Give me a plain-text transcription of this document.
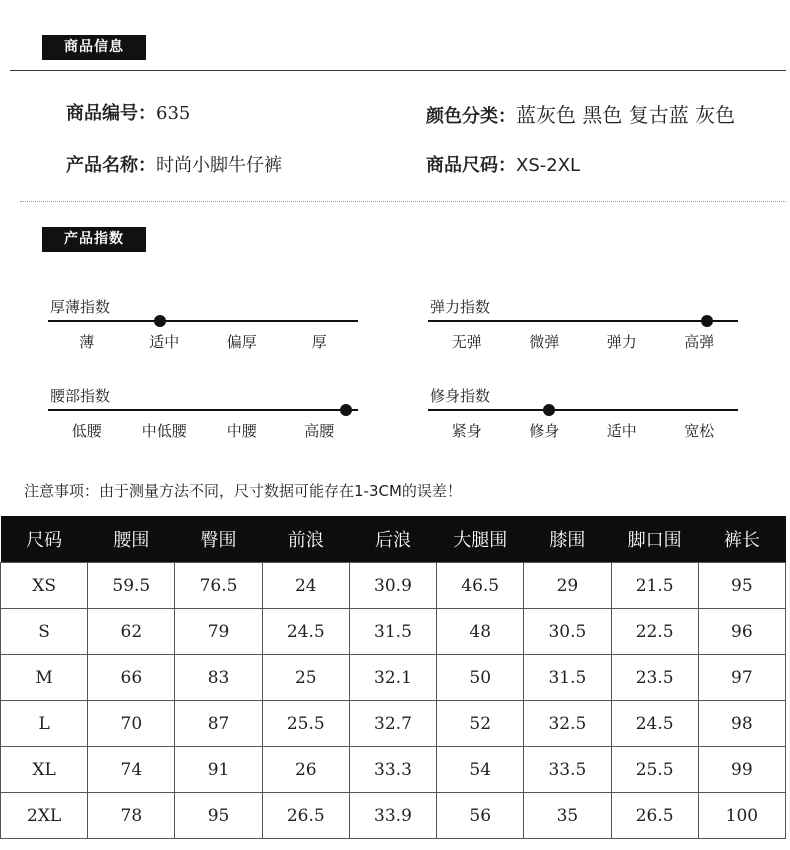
商品信息
商品编号：635	颜色分类：蓝灰色 黑色 复古蓝 灰色
产品名称：时尚小脚牛仔裤	商品尺码：XS-2XL
产品指数
厚薄指数
薄	适中	偏厚	厚
弹力指数
无弹	微弹	弹力	高弹
腰部指数
低腰	中低腰	中腰	高腰
修身指数
紧身	修身	适中	宽松
注意事项：由于测量方法不同，尺寸数据可能存在1-3CM的误差！
尺码	腰围	臀围	前浪	后浪	大腿围	膝围	脚口围	裤长
XS	59.5	76.5	24	30.9	46.5	29	21.5	95
S	62	79	24.5	31.5	48	30.5	22.5	96
M	66	83	25	32.1	50	31.5	23.5	97
L	70	87	25.5	32.7	52	32.5	24.5	98
XL	74	91	26	33.3	54	33.5	25.5	99
2XL	78	95	26.5	33.9	56	35	26.5	100
